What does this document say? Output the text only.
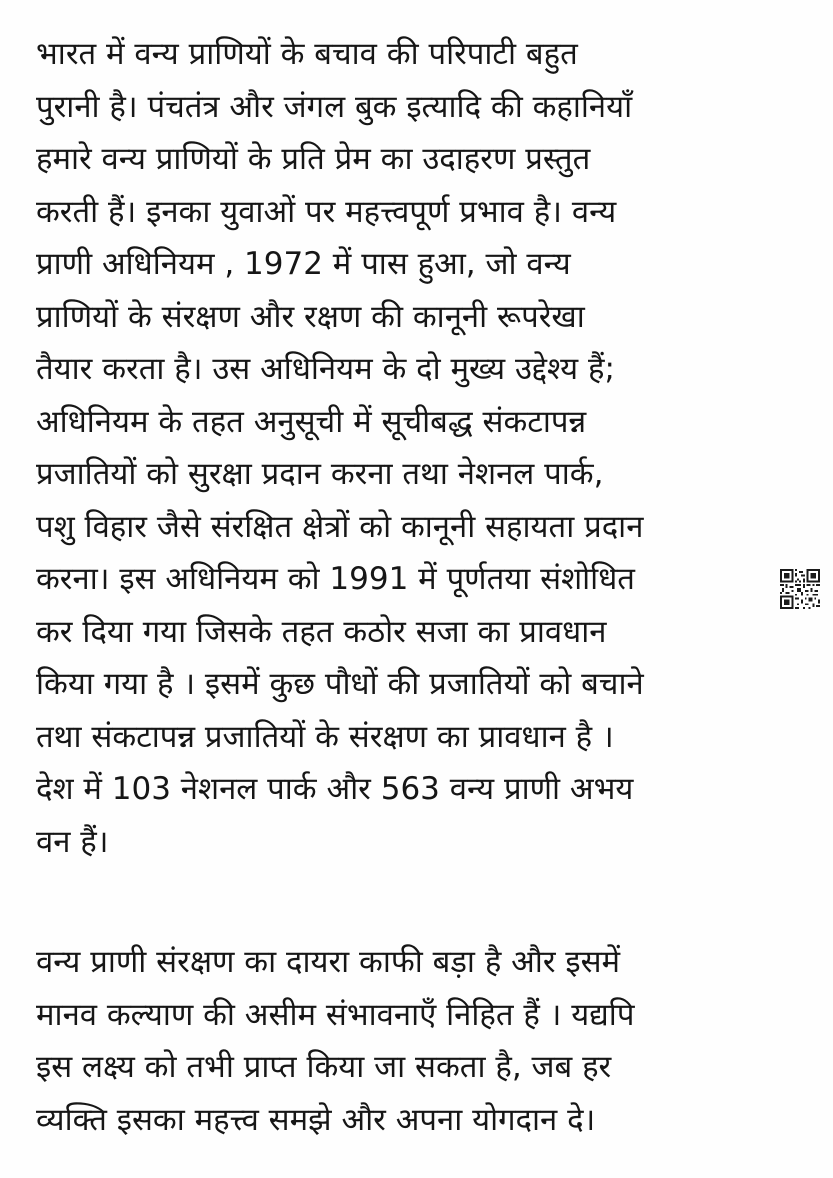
भारत में वन्य प्राणियों के बचाव की परिपाटी बहुत
पुरानी है। पंचतंत्र और जंगल बुक इत्यादि की कहानियाँ
हमारे वन्य प्राणियों के प्रति प्रेम का उदाहरण प्रस्तुत
करती हैं। इनका युवाओं पर महत्त्वपूर्ण प्रभाव है। वन्य
प्राणी अधिनियम , 1972 में पास हुआ, जो वन्य
प्राणियों के संरक्षण और रक्षण की कानूनी रूपरेखा
तैयार करता है। उस अधिनियम के दो मुख्य उद्देश्य हैं;
अधिनियम के तहत अनुसूची में सूचीबद्ध संकटापन्न
प्रजातियों को सुरक्षा प्रदान करना तथा नेशनल पार्क,
पशु विहार जैसे संरक्षित क्षेत्रों को कानूनी सहायता प्रदान
करना। इस अधिनियम को 1991 में पूर्णतया संशोधित
कर दिया गया जिसके तहत कठोर सजा का प्रावधान
किया गया है । इसमें कुछ पौधों की प्रजातियों को बचाने
तथा संकटापन्न प्रजातियों के संरक्षण का प्रावधान है ।
देश में 103 नेशनल पार्क और 563 वन्य प्राणी अभय
वन हैं।
वन्य प्राणी संरक्षण का दायरा काफी बड़ा है और इसमें
मानव कल्याण की असीम संभावनाएँ निहित हैं । यद्यपि
इस लक्ष्य को तभी प्राप्त किया जा सकता है, जब हर
व्यक्ति इसका महत्त्व समझे और अपना योगदान दे।
